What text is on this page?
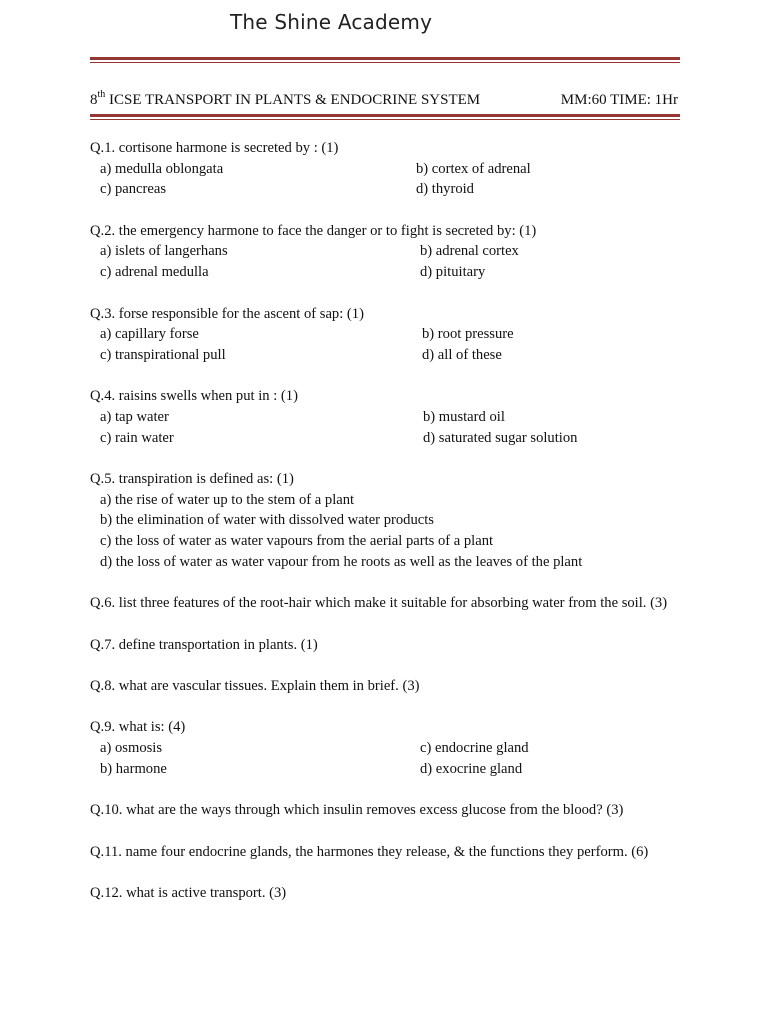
The Shine Academy
8th ICSE TRANSPORT IN PLANTS & ENDOCRINE SYSTEM	MM:60 TIME: 1Hr
Q.1. cortisone harmone is secreted by : (1)
a) medulla oblongata	b) cortex of adrenal
c) pancreas	d) thyroid
Q.2. the emergency harmone to face the danger or to fight is secreted by: (1)
a) islets of langerhans	b) adrenal cortex
c) adrenal medulla	d) pituitary
Q.3. forse responsible for the ascent of sap: (1)
a) capillary forse	b) root pressure
c) transpirational pull	d) all of these
Q.4. raisins swells when put in : (1)
a) tap water	b) mustard oil
c) rain water	d) saturated sugar solution
Q.5. transpiration is defined as: (1)
a) the rise of water up to the stem of a plant
b) the elimination of water with dissolved water products
c) the loss of water as water vapours from the aerial parts of a plant
d) the loss of water as water vapour from he roots as well as the leaves of the plant
Q.6. list three features of the root-hair which make it suitable for absorbing water from the soil. (3)
Q.7. define transportation in plants. (1)
Q.8. what are vascular tissues. Explain them in brief. (3)
Q.9. what is: (4)
a) osmosis	c) endocrine gland
b) harmone	d) exocrine gland
Q.10. what are the ways through which insulin removes excess glucose from the blood? (3)
Q.11. name four endocrine glands, the harmones they release, & the functions they perform. (6)
Q.12. what is active transport. (3)
